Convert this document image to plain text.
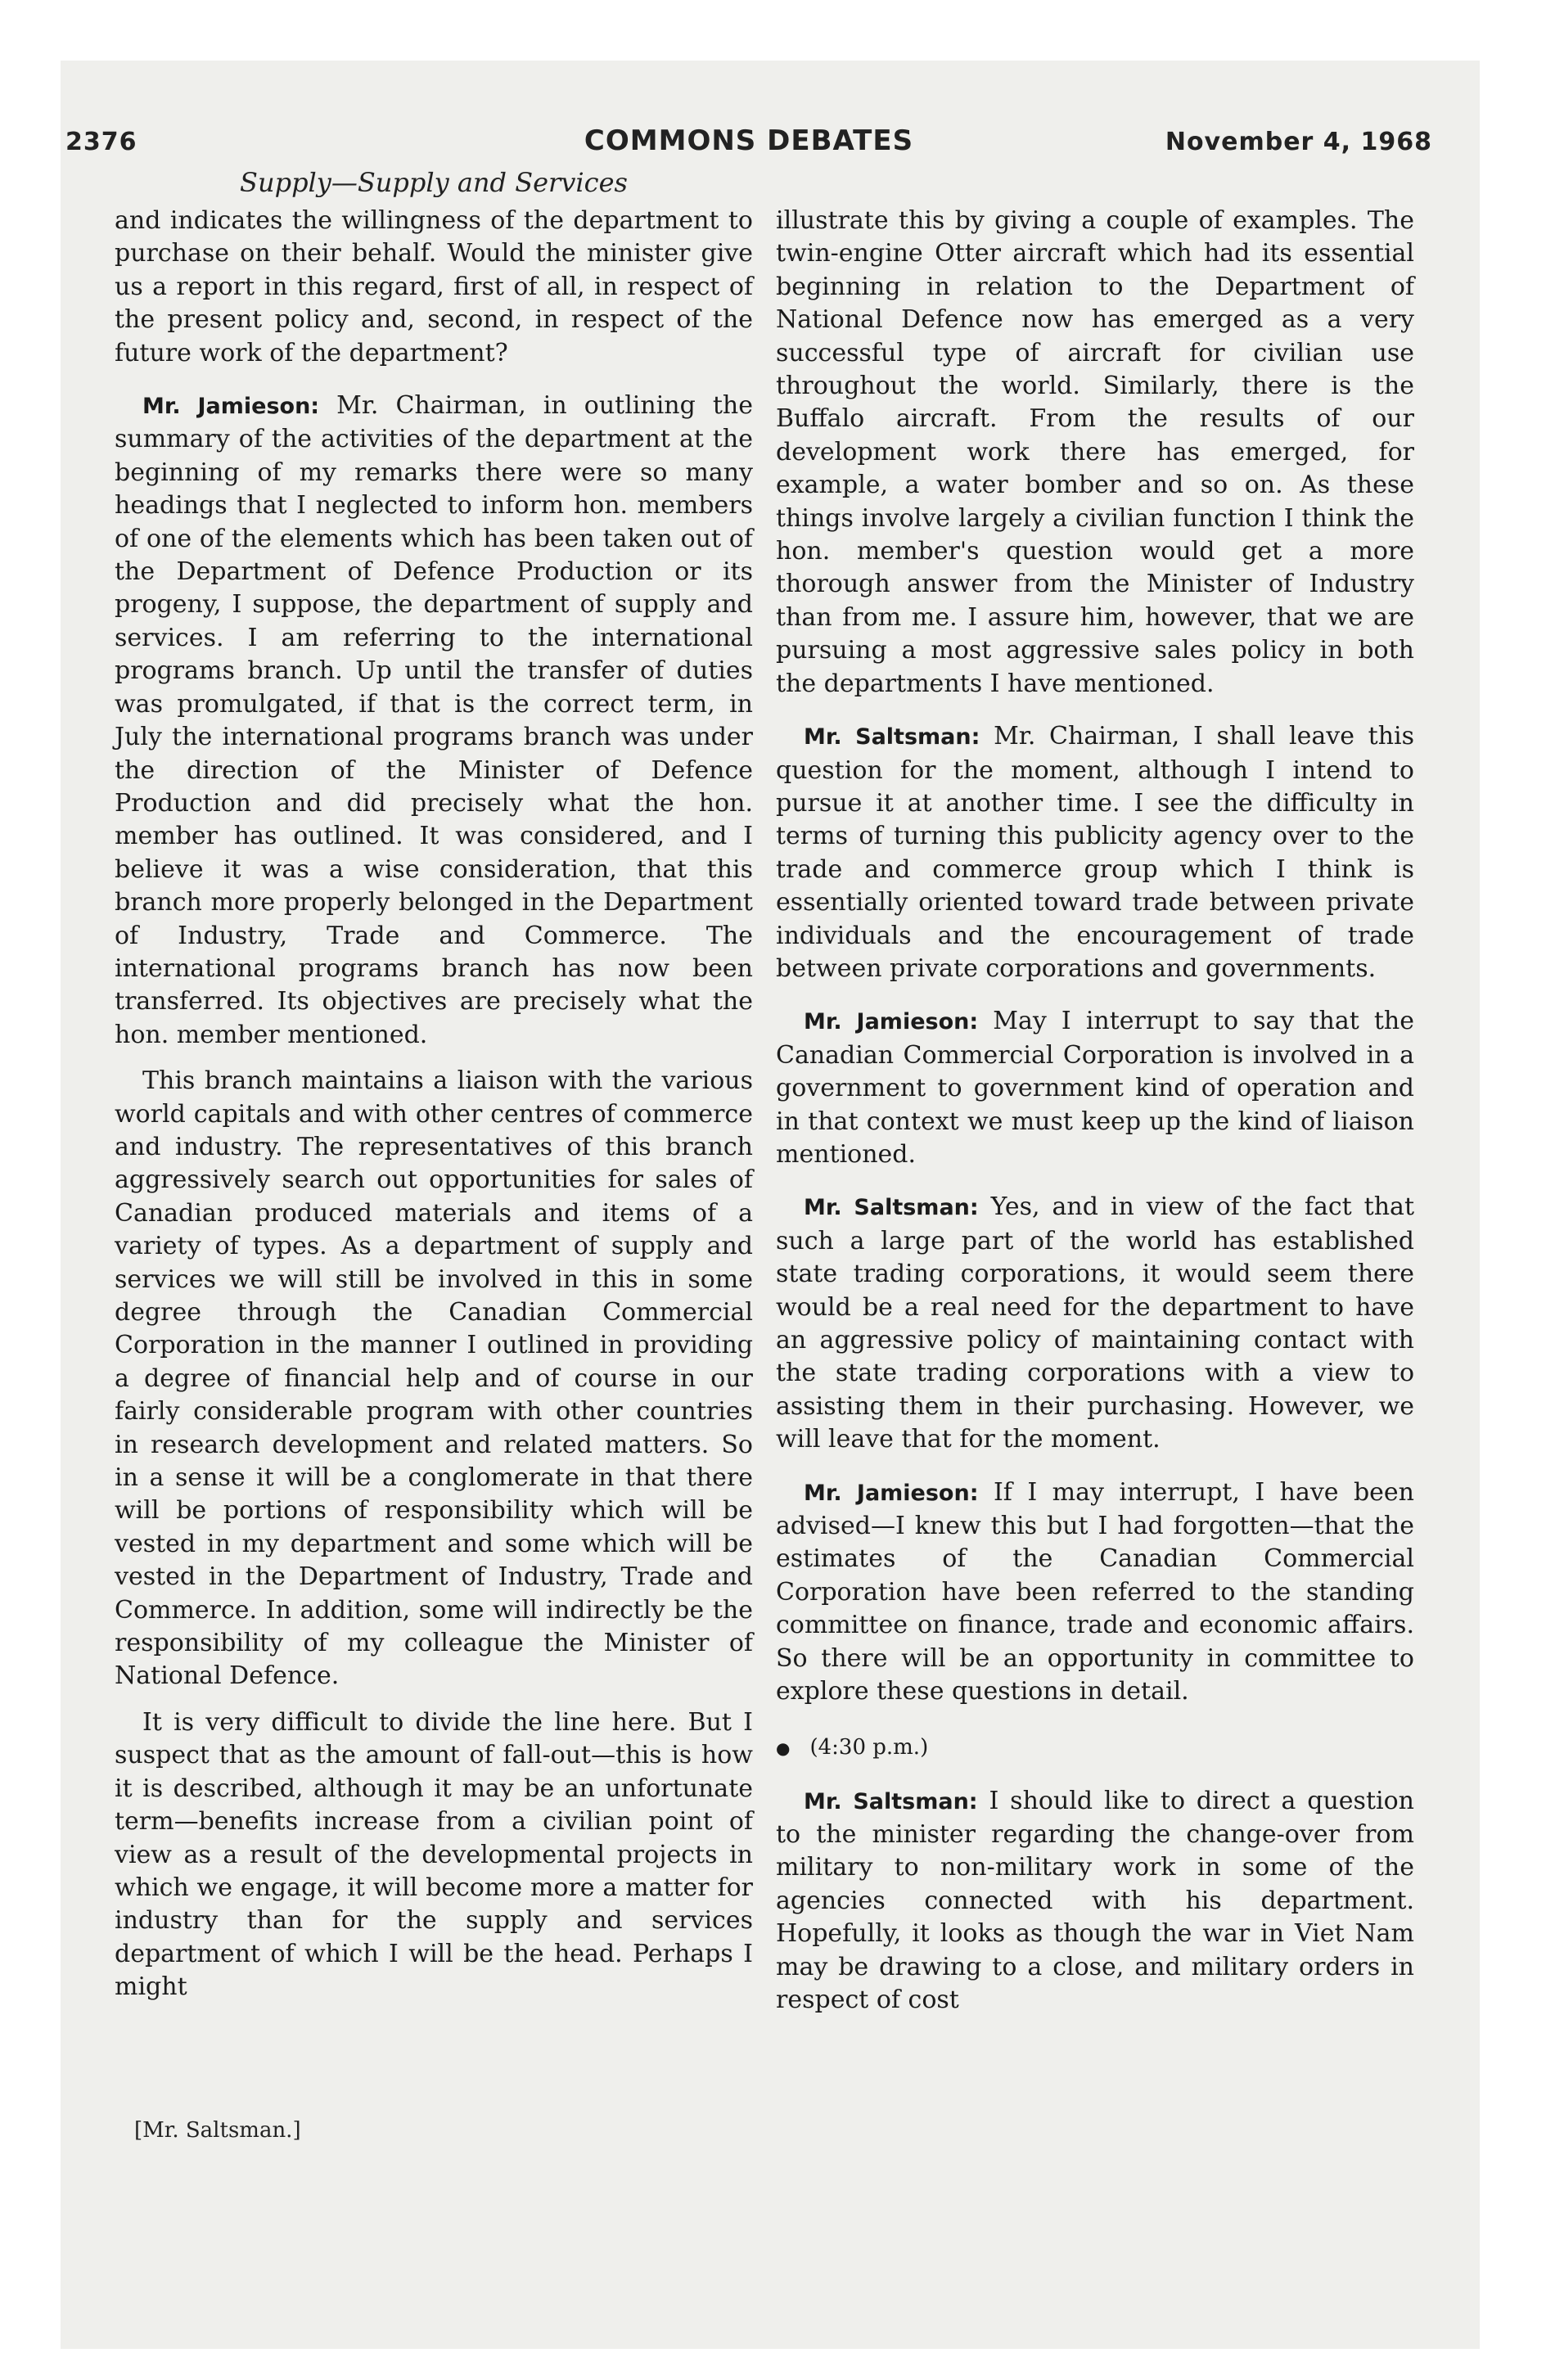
2376	COMMONS DEBATES	November 4, 1968
Supply—Supply and Services

and indicates the willingness of the department to purchase on their behalf. Would the minister give us a report in this regard, first of all, in respect of the present policy and, second, in respect of the future work of the department?

Mr. Jamieson: Mr. Chairman, in outlining the summary of the activities of the department at the beginning of my remarks there were so many headings that I neglected to inform hon. members of one of the elements which has been taken out of the Department of Defence Production or its progeny, I suppose, the department of supply and services. I am referring to the international programs branch. Up until the transfer of duties was promulgated, if that is the correct term, in July the international programs branch was under the direction of the Minister of Defence Production and did precisely what the hon. member has outlined. It was considered, and I believe it was a wise consideration, that this branch more properly belonged in the Department of Industry, Trade and Commerce. The international programs branch has now been transferred. Its objectives are precisely what the hon. member mentioned.

This branch maintains a liaison with the various world capitals and with other centres of commerce and industry. The representatives of this branch aggressively search out opportunities for sales of Canadian produced materials and items of a variety of types. As a department of supply and services we will still be involved in this in some degree through the Canadian Commercial Corporation in the manner I outlined in providing a degree of financial help and of course in our fairly considerable program with other countries in research development and related matters. So in a sense it will be a conglomerate in that there will be portions of responsibility which will be vested in my department and some which will be vested in the Department of Industry, Trade and Commerce. In addition, some will indirectly be the responsibility of my colleague the Minister of National Defence.

It is very difficult to divide the line here. But I suspect that as the amount of fall-out—this is how it is described, although it may be an unfortunate term—benefits increase from a civilian point of view as a result of the developmental projects in which we engage, it will become more a matter for industry than for the supply and services department of which I will be the head. Perhaps I might

[Mr. Saltsman.]

illustrate this by giving a couple of examples. The twin-engine Otter aircraft which had its essential beginning in relation to the Department of National Defence now has emerged as a very successful type of aircraft for civilian use throughout the world. Similarly, there is the Buffalo aircraft. From the results of our development work there has emerged, for example, a water bomber and so on. As these things involve largely a civilian function I think the hon. member's question would get a more thorough answer from the Minister of Industry than from me. I assure him, however, that we are pursuing a most aggressive sales policy in both the departments I have mentioned.

Mr. Saltsman: Mr. Chairman, I shall leave this question for the moment, although I intend to pursue it at another time. I see the difficulty in terms of turning this publicity agency over to the trade and commerce group which I think is essentially oriented toward trade between private individuals and the encouragement of trade between private corporations and governments.

Mr. Jamieson: May I interrupt to say that the Canadian Commercial Corporation is involved in a government to government kind of operation and in that context we must keep up the kind of liaison mentioned.

Mr. Saltsman: Yes, and in view of the fact that such a large part of the world has established state trading corporations, it would seem there would be a real need for the department to have an aggressive policy of maintaining contact with the state trading corporations with a view to assisting them in their purchasing. However, we will leave that for the moment.

Mr. Jamieson: If I may interrupt, I have been advised—I knew this but I had forgotten—that the estimates of the Canadian Commercial Corporation have been referred to the standing committee on finance, trade and economic affairs. So there will be an opportunity in committee to explore these questions in detail.

● (4:30 p.m.)

Mr. Saltsman: I should like to direct a question to the minister regarding the change-over from military to non-military work in some of the agencies connected with his department. Hopefully, it looks as though the war in Viet Nam may be drawing to a close, and military orders in respect of cost
